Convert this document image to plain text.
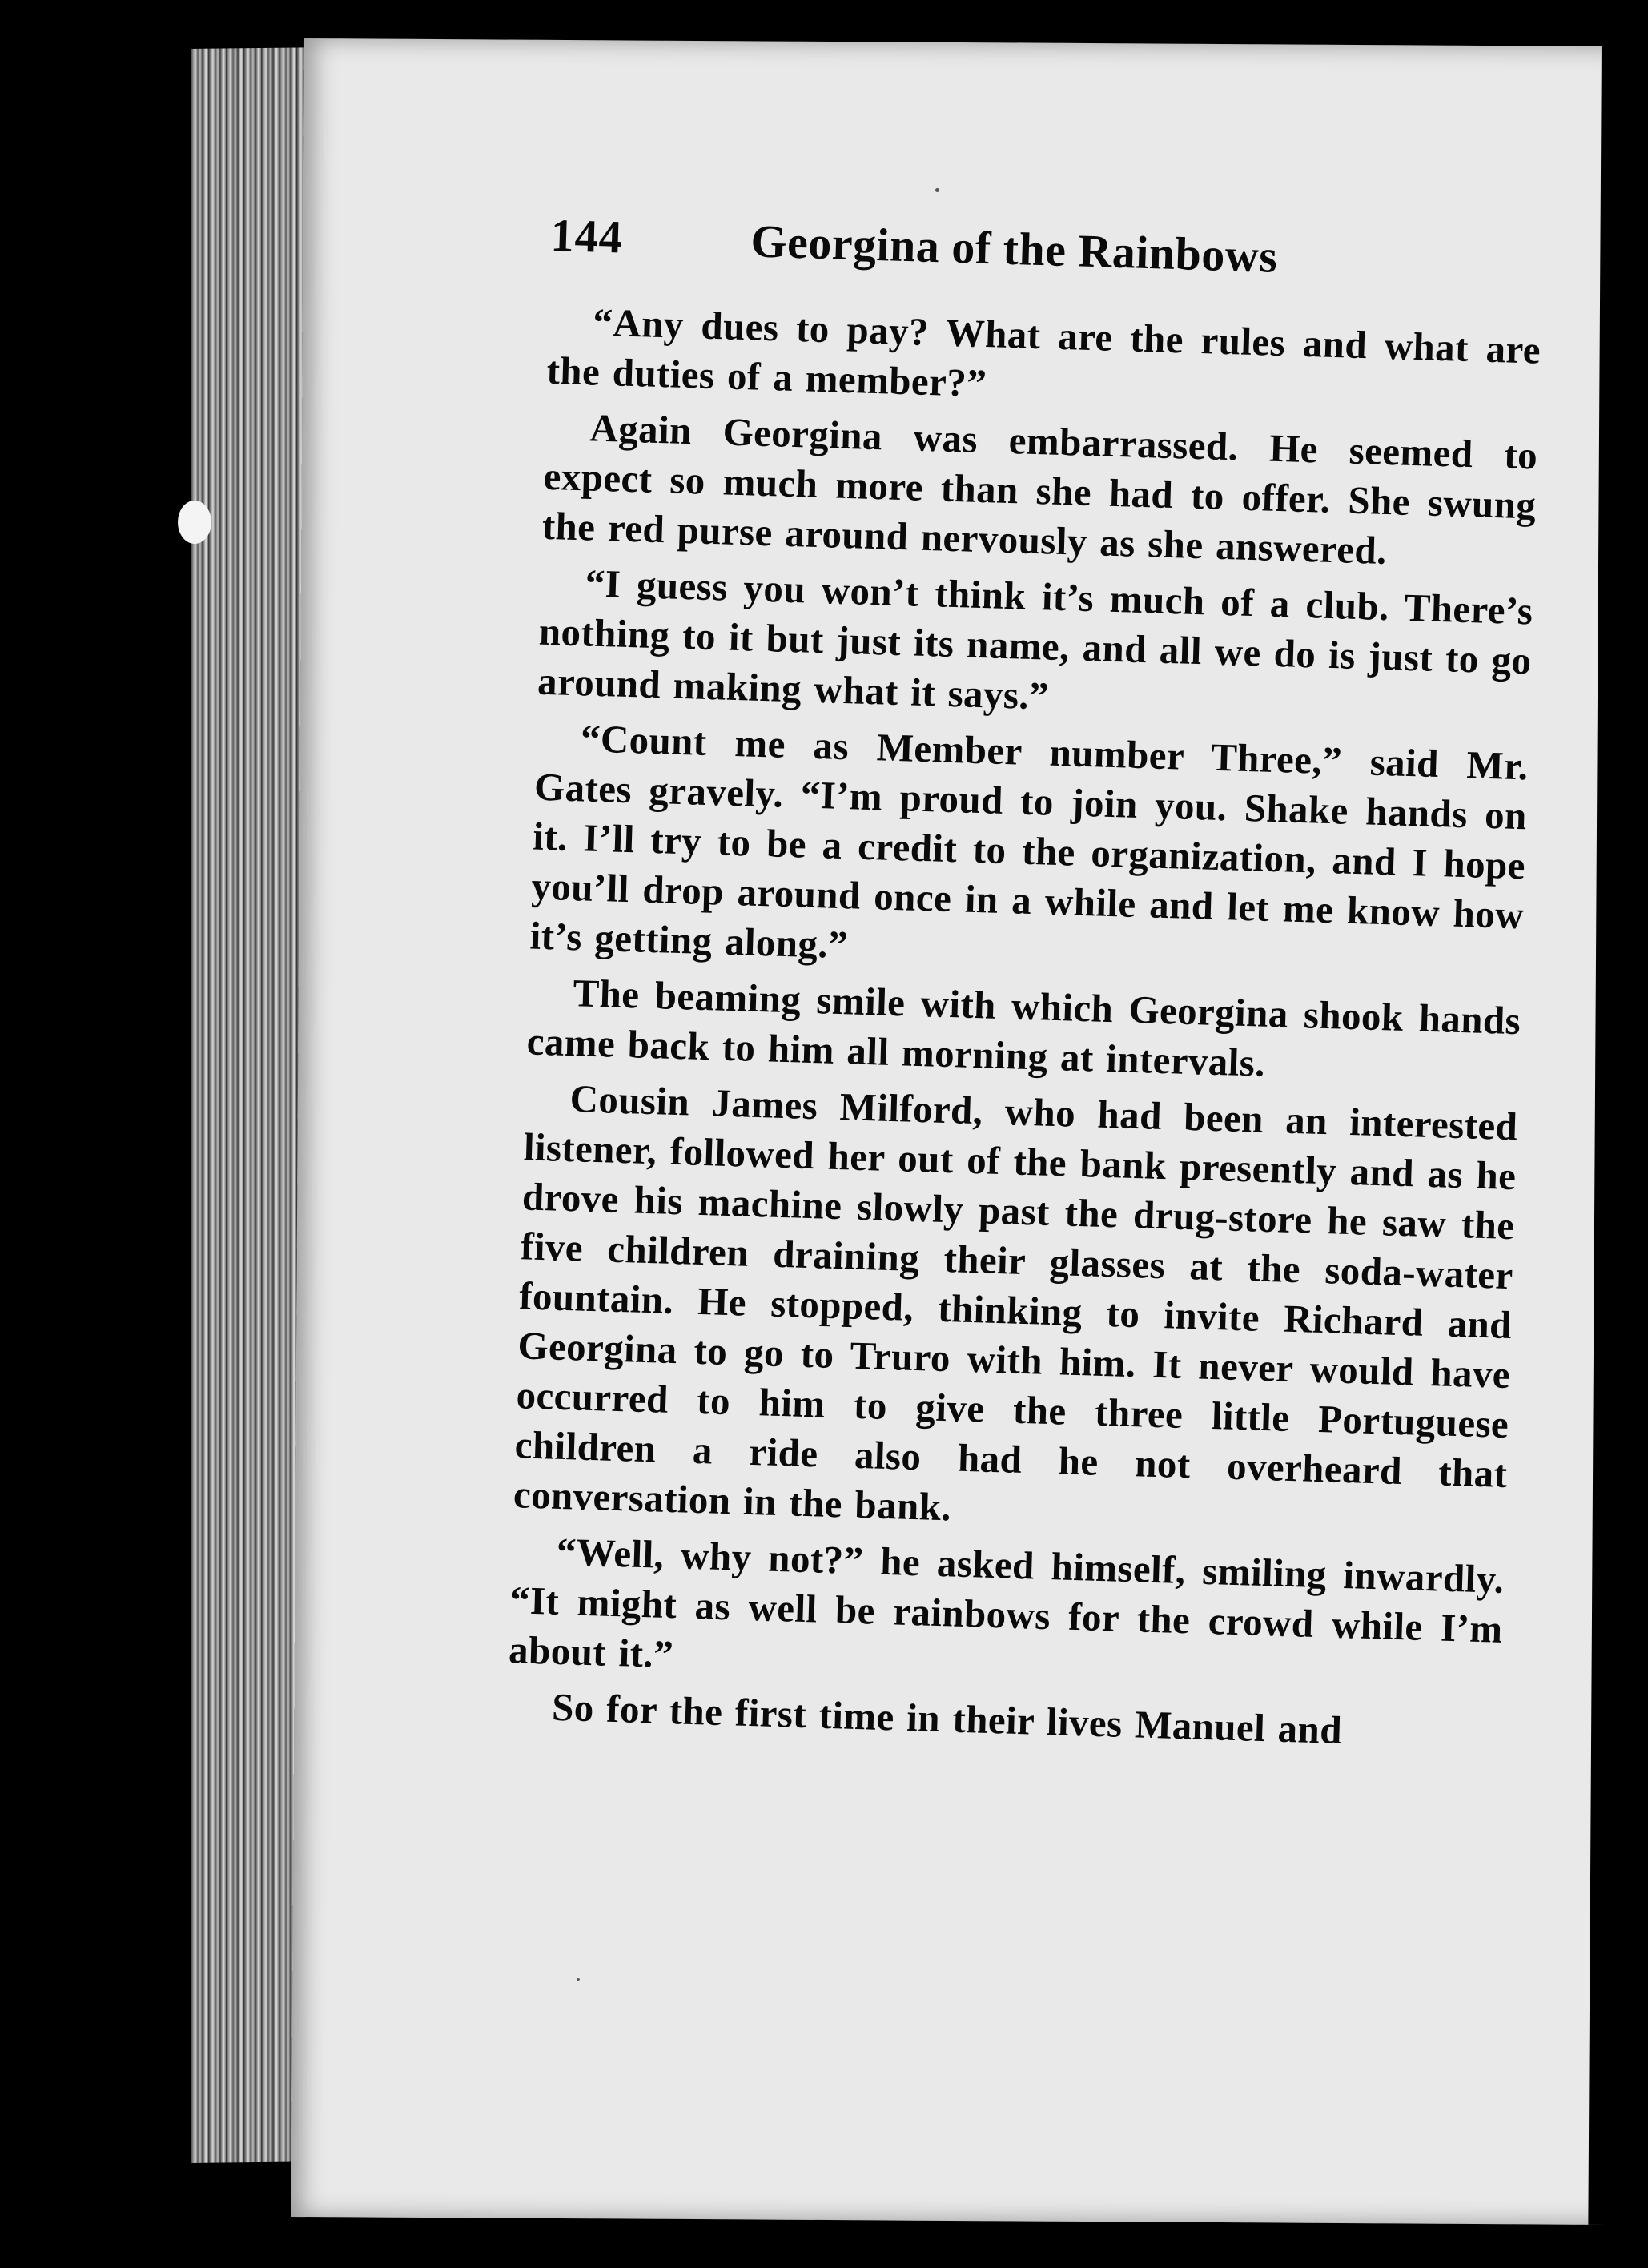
144	Georgina of the Rainbows

“Any dues to pay? What are the rules and what are the duties of a member?”

Again Georgina was embarrassed. He seemed to expect so much more than she had to offer. She swung the red purse around nervously as she answered.

“I guess you won’t think it’s much of a club. There’s nothing to it but just its name, and all we do is just to go around making what it says.”

“Count me as Member number Three,” said Mr. Gates gravely. “I’m proud to join you. Shake hands on it. I’ll try to be a credit to the organization, and I hope you’ll drop around once in a while and let me know how it’s getting along.”

The beaming smile with which Georgina shook hands came back to him all morning at intervals.

Cousin James Milford, who had been an interested listener, followed her out of the bank presently and as he drove his machine slowly past the drug-store he saw the five children draining their glasses at the soda-water fountain. He stopped, thinking to invite Richard and Georgina to go to Truro with him. It never would have occurred to him to give the three little Portuguese children a ride also had he not overheard that conversation in the bank.

“Well, why not?” he asked himself, smiling inwardly. “It might as well be rainbows for the crowd while I’m about it.”

So for the first time in their lives Manuel and
